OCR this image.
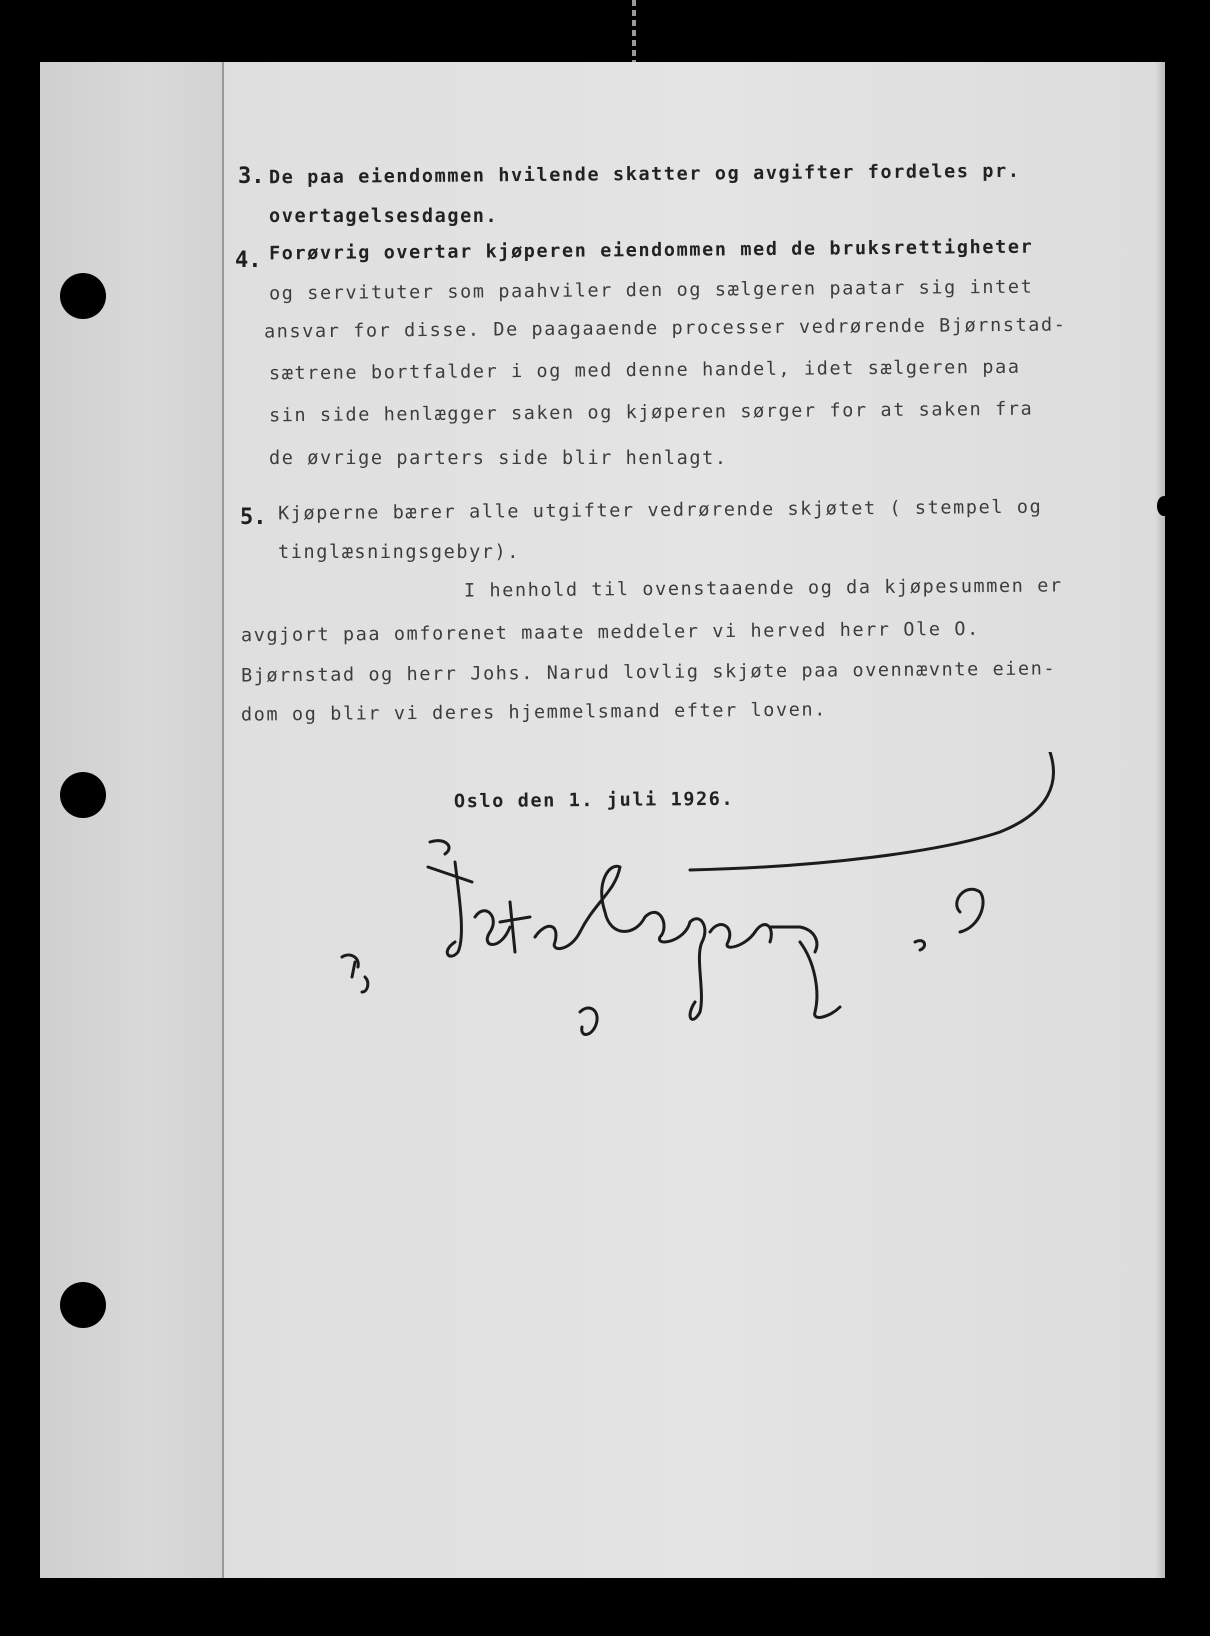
3. De paa eiendommen hvilende skatter og avgifter fordeles pr.
overtagelsesdagen.
4. Forøvrig overtar kjøperen eiendommen med de bruksrettigheter
og servituter som paahviler den og sælgeren paatar sig intet
ansvar for disse. De paagaaende processer vedrørende Bjørnstad-
sætrene bortfalder i og med denne handel, idet sælgeren paa
sin side henlægger saken og kjøperen sørger for at saken fra
de øvrige parters side blir henlagt.
5. Kjøperne bærer alle utgifter vedrørende skjøtet ( stempel og
tinglæsningsgebyr).
I henhold til ovenstaaende og da kjøpesummen er
avgjort paa omforenet maate meddeler vi herved herr Ole O.
Bjørnstad og herr Johs. Narud lovlig skjøte paa ovennævnte eien-
dom og blir vi deres hjemmelsmand efter loven.
Oslo den 1. juli 1926.
